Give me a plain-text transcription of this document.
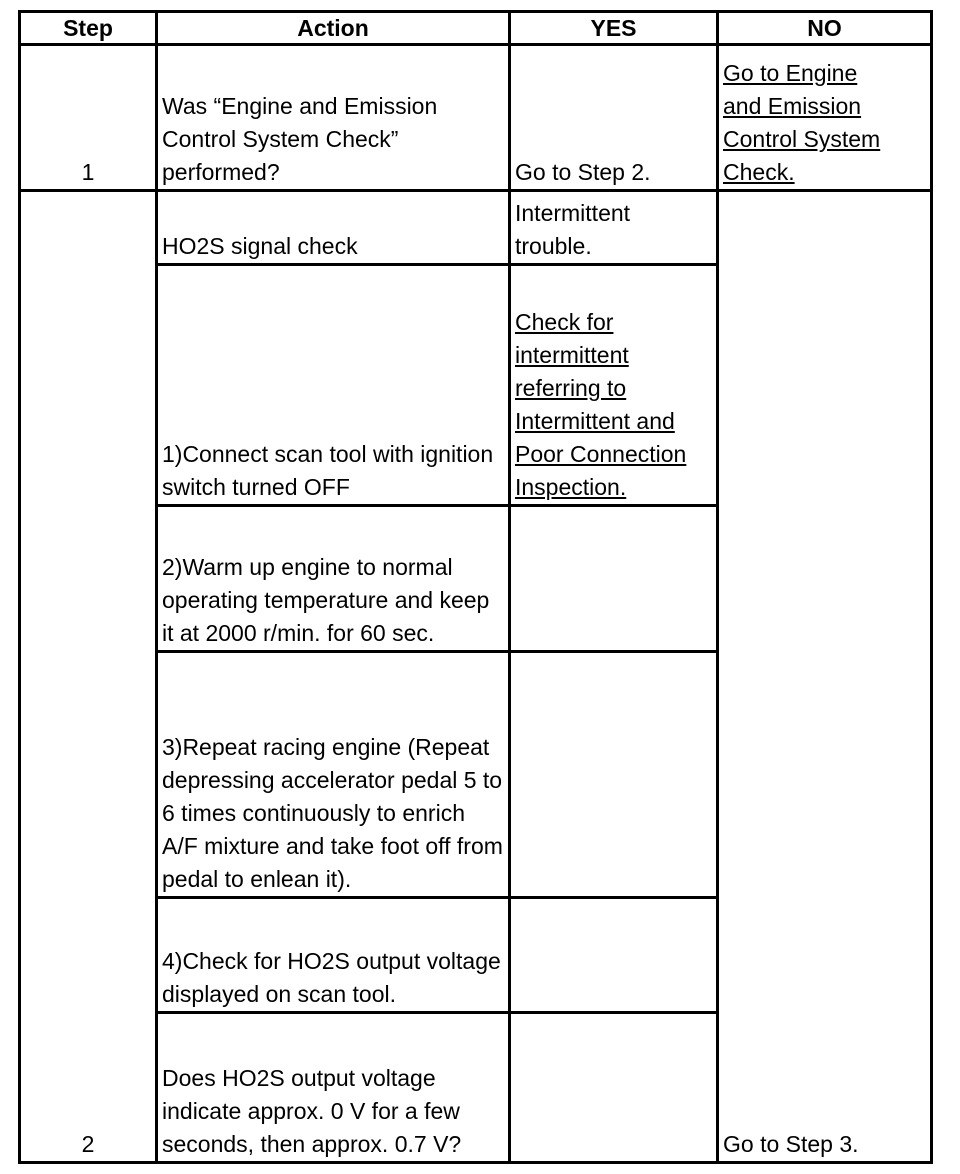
Step	Action	YES	NO
1	Was “Engine and Emission Control System Check” performed?	Go to Step 2.	Go to Engine and Emission Control System Check.
2	HO2S signal check	Intermittent trouble.	Go to Step 3.
	1)Connect scan tool with ignition switch turned OFF	Check for intermittent referring to Intermittent and Poor Connection Inspection.	
	2)Warm up engine to normal operating temperature and keep it at 2000 r/min. for 60 sec.		
	3)Repeat racing engine (Repeat depressing accelerator pedal 5 to 6 times continuously to enrich A/F mixture and take foot off from pedal to enlean it).		
	4)Check for HO2S output voltage displayed on scan tool.		
	Does HO2S output voltage indicate approx. 0 V for a few seconds, then approx. 0.7 V?		
